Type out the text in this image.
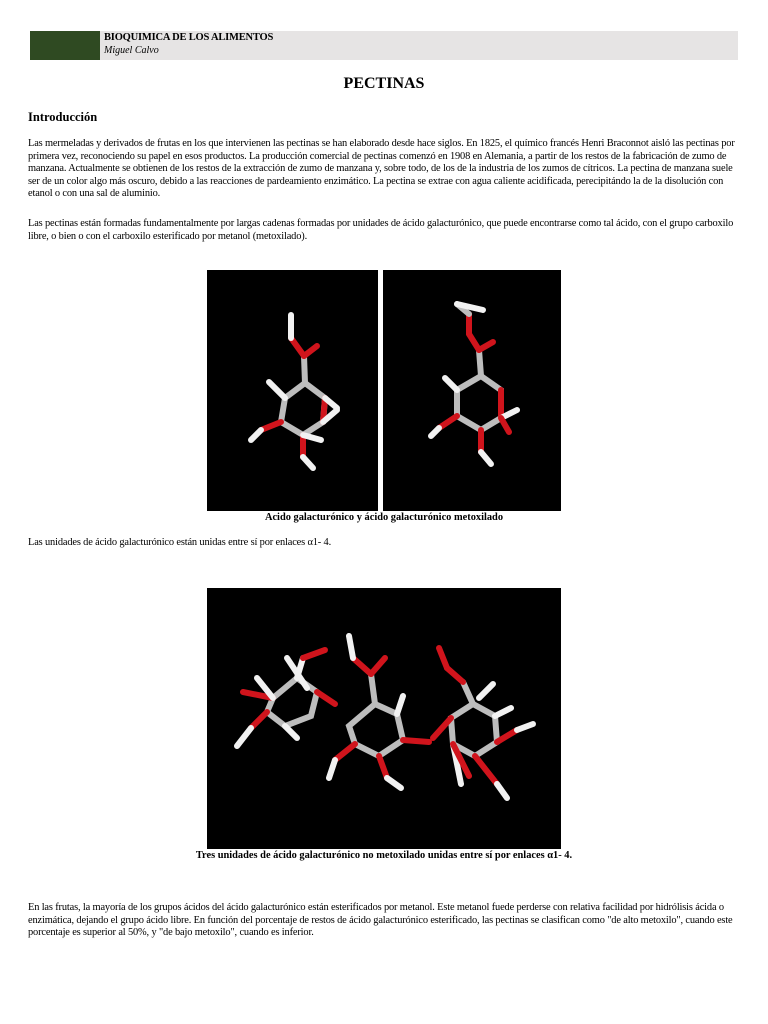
BIOQUIMICA DE LOS ALIMENTOS
Miguel Calvo
PECTINAS
Introducción
Las mermeladas y derivados de frutas en los que intervienen las pectinas se han elaborado desde hace siglos. En 1825, el químico francés Henri Braconnot aisló las pectinas por primera vez, reconociendo su papel en esos productos. La producción comercial de pectinas comenzó en 1908 en Alemania, a partir de los restos de la fabricación de zumo de manzana. Actualmente se obtienen de los restos de la extracción de zumo de manzana y, sobre todo, de los de la industria de los zumos de cítricos. La pectina de manzana suele ser de un color algo más oscuro, debido a las reacciones de pardeamiento enzimático. La pectina se extrae con agua caliente acidificada, perecipitándo la de la disolución con etanol o con una sal de aluminio.
Las pectinas están formadas fundamentalmente por largas cadenas formadas por unidades de ácido galacturónico, que puede encontrarse como tal ácido, con el grupo carboxilo libre, o bien o con el carboxilo esterificado por metanol (metoxilado).
Acido galacturónico y ácido galacturónico metoxilado
Las unidades de ácido galacturónico están unidas entre sí por enlaces α1- 4.
Tres unidades de ácido galacturónico no metoxilado unidas entre sí por enlaces α1- 4.
En las frutas, la mayoría de los grupos ácidos del ácido galacturónico están esterificados por metanol. Este metanol fuede perderse con relativa facilidad por hidrólisis ácida o enzimática, dejando el grupo ácido libre. En función del porcentaje de restos de ácido galacturónico esterificado, las pectinas se clasifican como "de alto metoxilo", cuando este porcentaje es superior al 50%, y "de bajo metoxilo", cuando es inferior.
